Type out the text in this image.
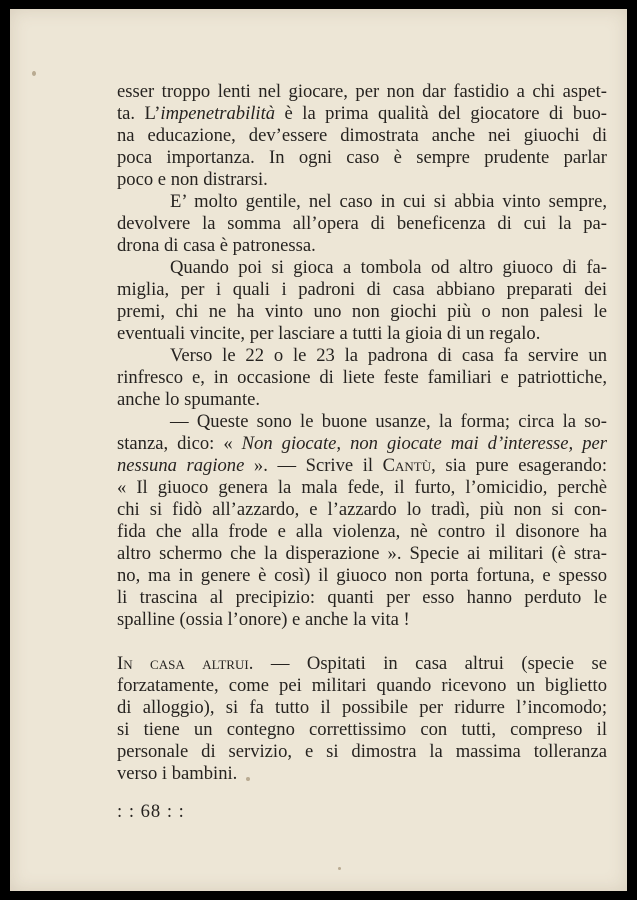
esser troppo lenti nel giocare, per non dar fastidio a chi aspet-
ta. L’impenetrabilità è la prima qualità del giocatore di buo-
na educazione, dev’essere dimostrata anche nei giuochi di
poca importanza. In ogni caso è sempre prudente parlar
poco e non distrarsi.
E’ molto gentile, nel caso in cui si abbia vinto sempre,
devolvere la somma all’opera di beneficenza di cui la pa-
drona di casa è patronessa.
Quando poi si gioca a tombola od altro giuoco di fa-
miglia, per i quali i padroni di casa abbiano preparati dei
premi, chi ne ha vinto uno non giochi più o non palesi le
eventuali vincite, per lasciare a tutti la gioia di un regalo.
Verso le 22 o le 23 la padrona di casa fa servire un
rinfresco e, in occasione di liete feste familiari e patriottiche,
anche lo spumante.
— Queste sono le buone usanze, la forma; circa la so-
stanza, dico: « Non giocate, non giocate mai d’interesse, per
nessuna ragione ». — Scrive il Cantù, sia pure esagerando:
« Il giuoco genera la mala fede, il furto, l’omicidio, perchè
chi si fidò all’azzardo, e l’azzardo lo tradì, più non si con-
fida che alla frode e alla violenza, nè contro il disonore ha
altro schermo che la disperazione ». Specie ai militari (è stra-
no, ma in genere è così) il giuoco non porta fortuna, e spesso
li trascina al precipizio: quanti per esso hanno perduto le
spalline (ossia l’onore) e anche la vita !
In casa altrui. — Ospitati in casa altrui (specie se
forzatamente, come pei militari quando ricevono un biglietto
di alloggio), si fa tutto il possibile per ridurre l’incomodo;
si tiene un contegno correttissimo con tutti, compreso il
personale di servizio, e si dimostra la massima tolleranza
verso i bambini.
: : 68 : :
